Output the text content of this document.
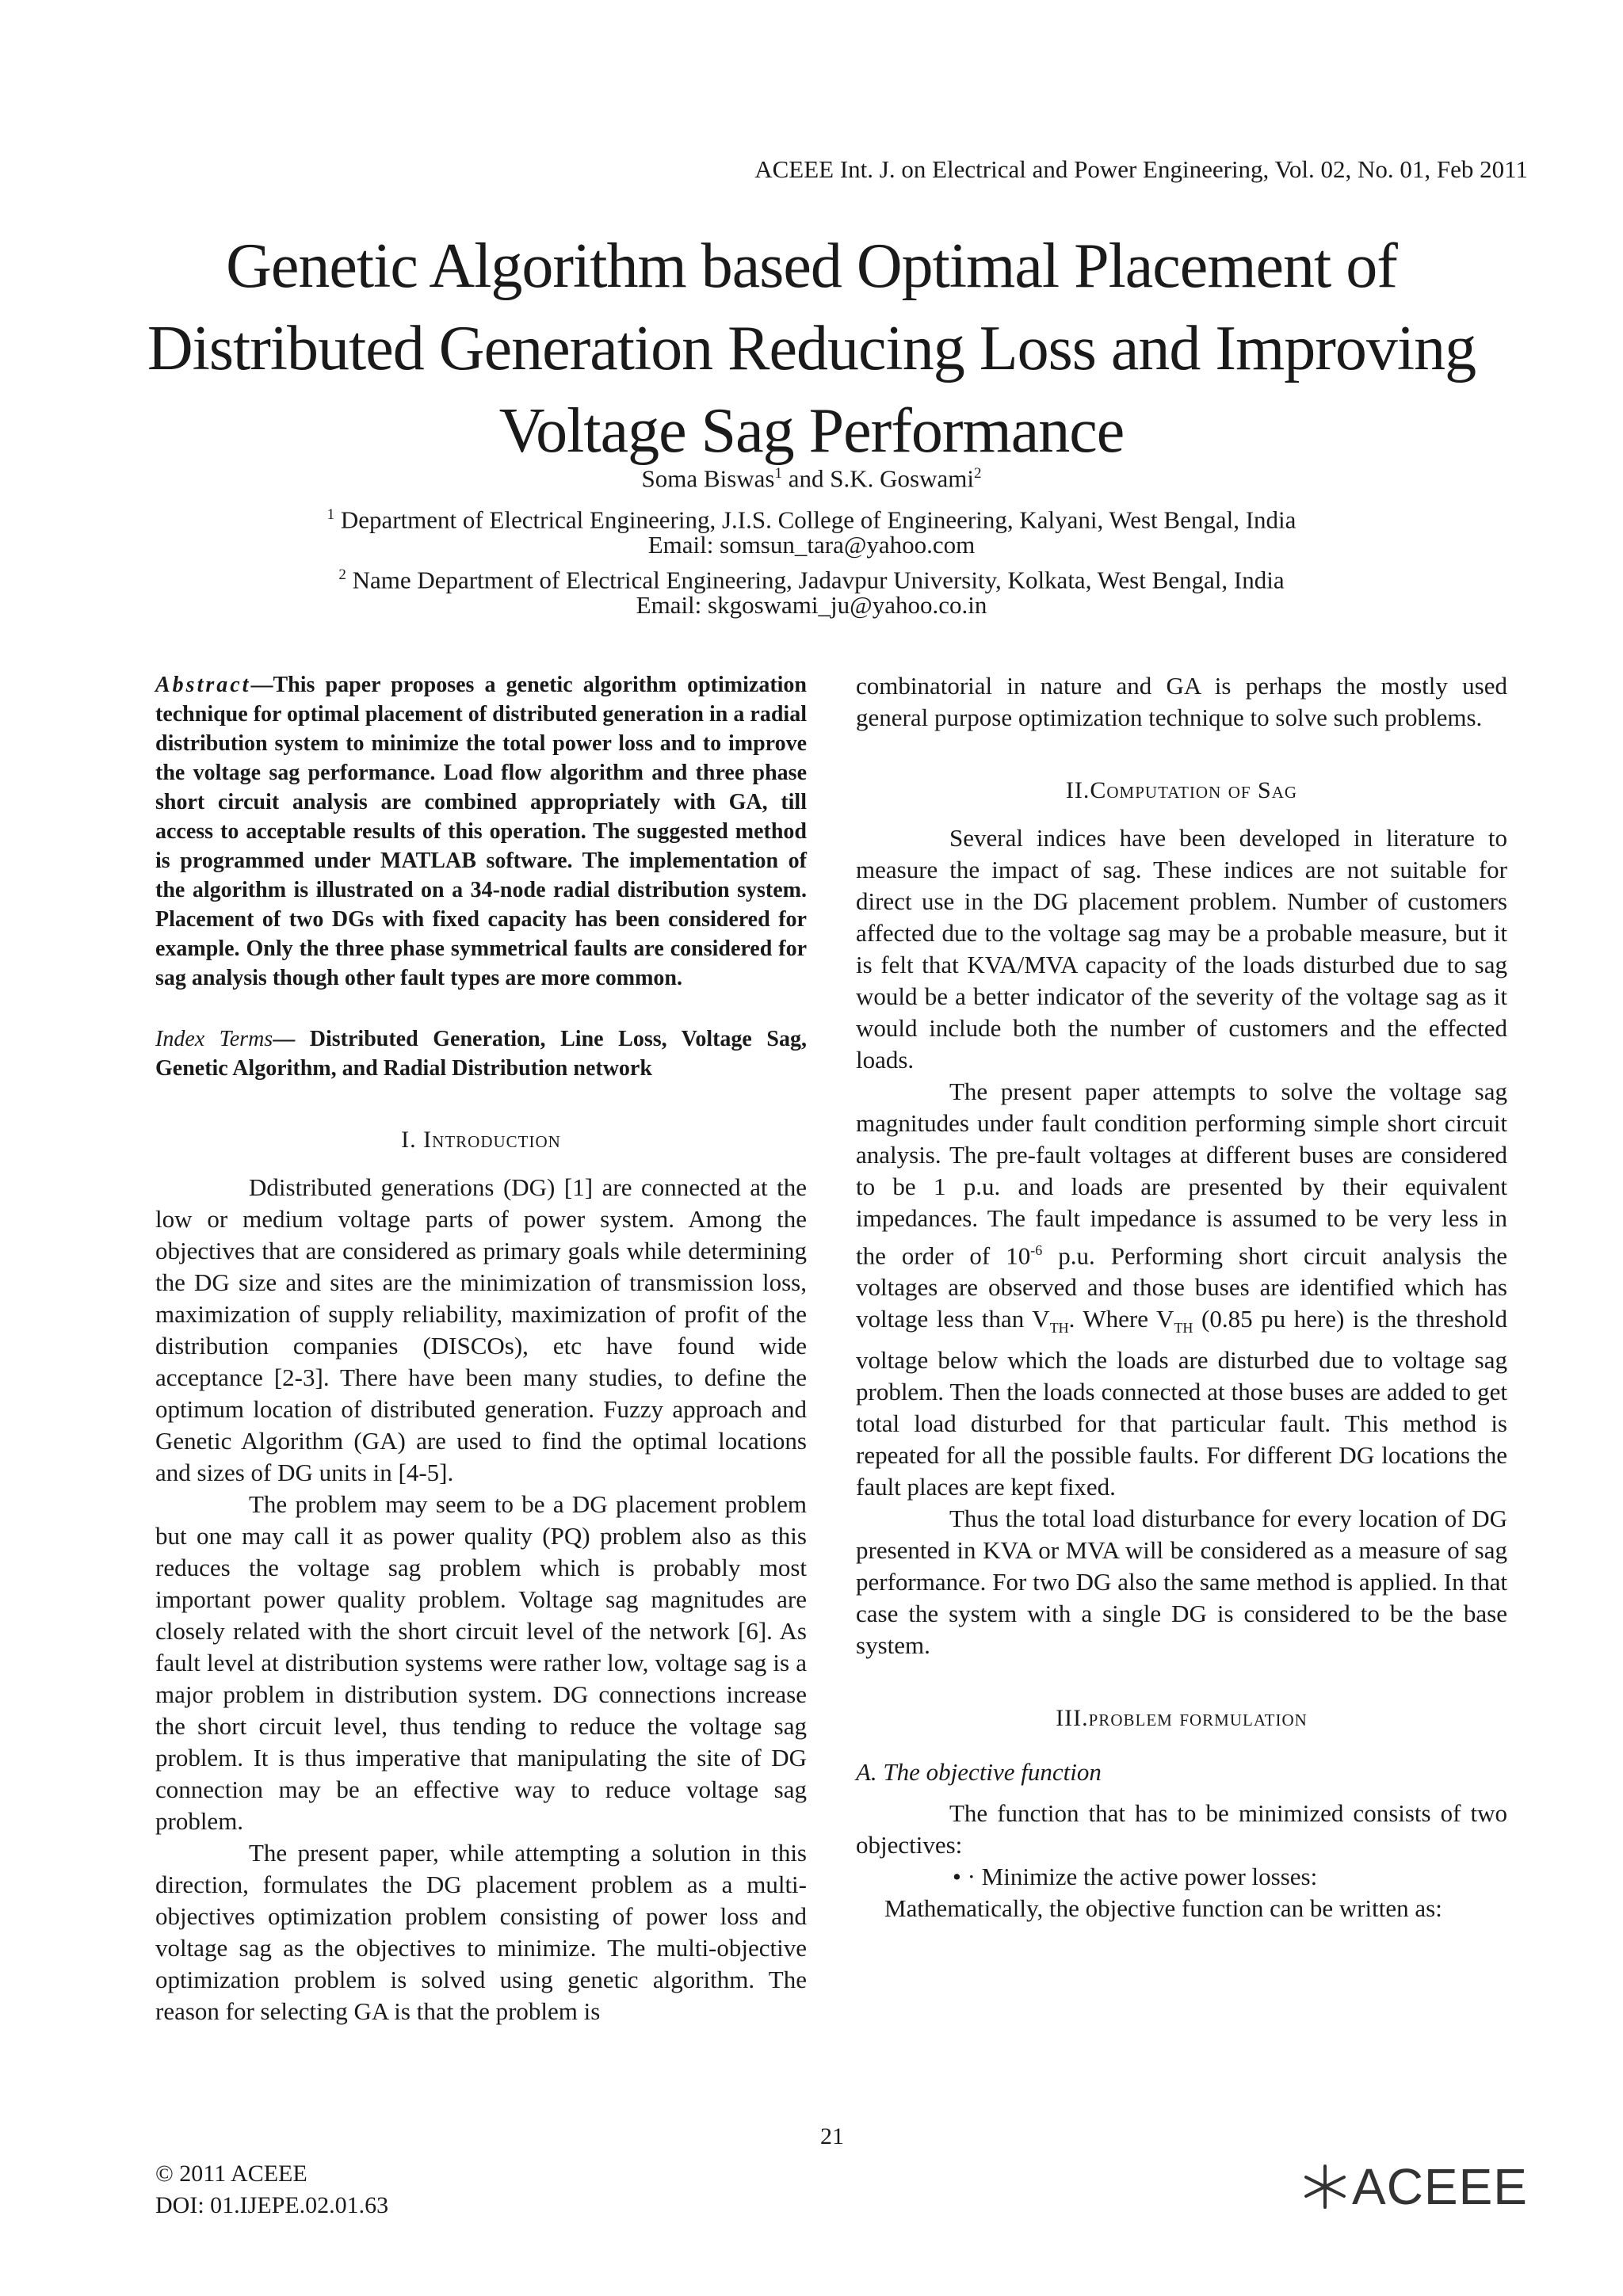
ACEEE Int. J. on Electrical and Power Engineering, Vol. 02, No. 01, Feb 2011
Genetic Algorithm based Optimal Placement of
Distributed Generation Reducing Loss and Improving
Voltage Sag Performance
Soma Biswas$^1$ and S.K. Goswami$^2$
$^1$ Department of Electrical Engineering, J.I.S. College of Engineering, Kalyani, West Bengal, India
Email: somsun_tara@yahoo.com
$^2$ Name Department of Electrical Engineering, Jadavpur University, Kolkata, West Bengal, India
Email: skgoswami_ju@yahoo.co.in

Abstract—This paper proposes a genetic algorithm optimization technique for optimal placement of distributed generation in a radial distribution system to minimize the total power loss and to improve the voltage sag performance. Load flow algorithm and three phase short circuit analysis are combined appropriately with GA, till access to acceptable results of this operation. The suggested method is programmed under MATLAB software. The implementation of the algorithm is illustrated on a 34-node radial distribution system. Placement of two DGs with fixed capacity has been considered for example. Only the three phase symmetrical faults are considered for sag analysis though other fault types are more common.

Index Terms— Distributed Generation, Line Loss, Voltage Sag, Genetic Algorithm, and Radial Distribution network

I. Introduction

Ddistributed generations (DG) [1] are connected at the low or medium voltage parts of power system. Among the objectives that are considered as primary goals while determining the DG size and sites are the minimization of transmission loss, maximization of supply reliability, maximization of profit of the distribution companies (DISCOs), etc have found wide acceptance [2-3]. There have been many studies, to define the optimum location of distributed generation. Fuzzy approach and Genetic Algorithm (GA) are used to find the optimal locations and sizes of DG units in [4-5].

The problem may seem to be a DG placement problem but one may call it as power quality (PQ) problem also as this reduces the voltage sag problem which is probably most important power quality problem. Voltage sag magnitudes are closely related with the short circuit level of the network [6]. As fault level at distribution systems were rather low, voltage sag is a major problem in distribution system. DG connections increase the short circuit level, thus tending to reduce the voltage sag problem. It is thus imperative that manipulating the site of DG connection may be an effective way to reduce voltage sag problem.

The present paper, while attempting a solution in this direction, formulates the DG placement problem as a multi-objectives optimization problem consisting of power loss and voltage sag as the objectives to minimize. The multi-objective optimization problem is solved using genetic algorithm. The reason for selecting GA is that the problem is

combinatorial in nature and GA is perhaps the mostly used general purpose optimization technique to solve such problems.

II.Computation of Sag

Several indices have been developed in literature to measure the impact of sag. These indices are not suitable for direct use in the DG placement problem. Number of customers affected due to the voltage sag may be a probable measure, but it is felt that KVA/MVA capacity of the loads disturbed due to sag would be a better indicator of the severity of the voltage sag as it would include both the number of customers and the effected loads.

The present paper attempts to solve the voltage sag magnitudes under fault condition performing simple short circuit analysis. The pre-fault voltages at different buses are considered to be 1 p.u. and loads are presented by their equivalent impedances. The fault impedance is assumed to be very less in the order of $10^{-6}$ p.u. Performing short circuit analysis the voltages are observed and those buses are identified which has voltage less than $V_{TH}$. Where $V_{TH}$ (0.85 pu here) is the threshold voltage below which the loads are disturbed due to voltage sag problem. Then the loads connected at those buses are added to get total load disturbed for that particular fault. This method is repeated for all the possible faults. For different DG locations the fault places are kept fixed.

Thus the total load disturbance for every location of DG presented in KVA or MVA will be considered as a measure of sag performance. For two DG also the same method is applied. In that case the system with a single DG is considered to be the base system.

III.problem formulation

A. The objective function

The function that has to be minimized consists of two objectives:

• · Minimize the active power losses:

Mathematically, the objective function can be written as:

21
© 2011 ACEEE
DOI: 01.IJEPE.02.01.63	ACEEE
